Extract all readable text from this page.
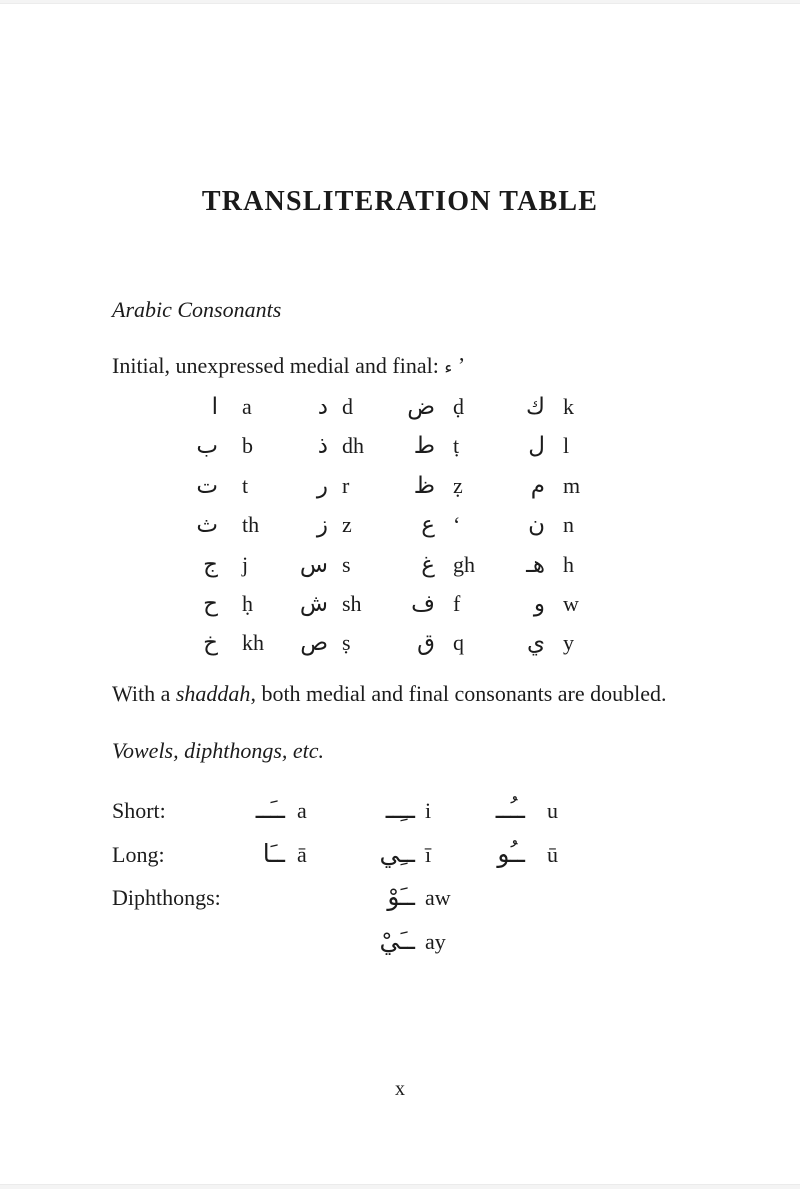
TRANSLITERATION TABLE
Arabic Consonants

Initial, unexpressed medial and final: ء ʼ

ا	a	د d	ض ḍ	ك k
ب	b	ذ dh	ط ṭ	ل l
ت	t	ر r	ظ ẓ	م m
ث	th	ز z	ع ʻ	ن n
ج	j	س s	غ gh	هـ h
ح	ḥ	ش sh	ف f	و w
خ	kh	ص ṣ	ق q	ي y

With a shaddah, both medial and final consonants are doubled.

Vowels, diphthongs, etc.
Short:	ــَــ a	ــِــ i	ــُــ	u
Long:	ــَا ā	ــِي ī	ــُو	ū
Diphthongs:	ــَوْ aw
ــَيْ ay
x
